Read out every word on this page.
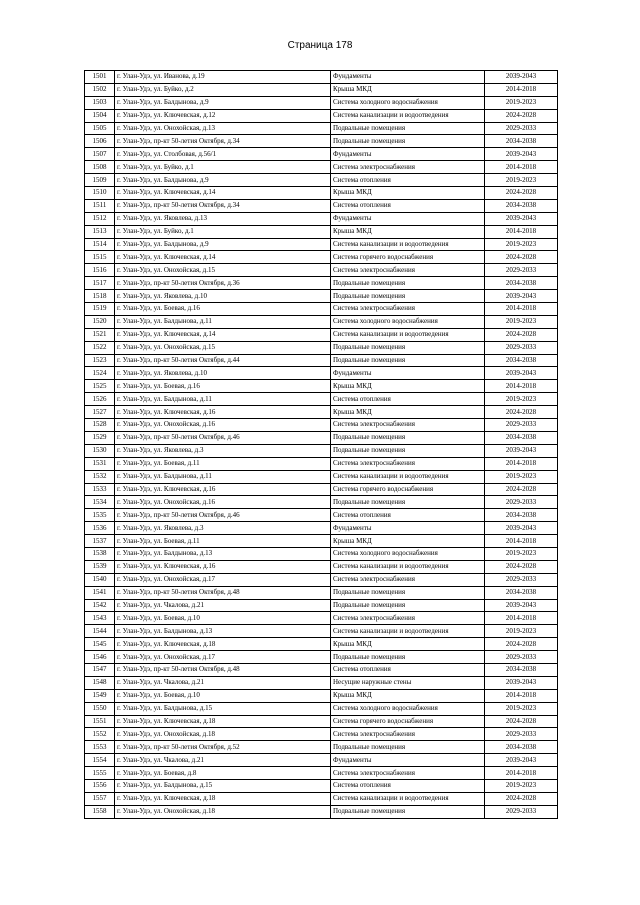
Страница 178
1501	г. Улан-Удэ, ул. Иванова, д.19	Фундаменты	2039-2043
1502	г. Улан-Удэ, ул. Буйко, д.2	Крыша МКД	2014-2018
1503	г. Улан-Удэ, ул. Балдынова, д.9	Система холодного водоснабжения	2019-2023
1504	г. Улан-Удэ, ул. Ключевская, д.12	Система канализации и водоотведения	2024-2028
1505	г. Улан-Удэ, ул. Онохойская, д.13	Подвальные помещения	2029-2033
1506	г. Улан-Удэ, пр-кт 50-летия Октября, д.34	Подвальные помещения	2034-2038
1507	г. Улан-Удэ, ул. Столбовая, д.56/1	Фундаменты	2039-2043
1508	г. Улан-Удэ, ул. Буйко, д.1	Система электроснабжения	2014-2018
1509	г. Улан-Удэ, ул. Балдынова, д.9	Система отопления	2019-2023
1510	г. Улан-Удэ, ул. Ключевская, д.14	Крыша МКД	2024-2028
1511	г. Улан-Удэ, пр-кт 50-летия Октября, д.34	Система отопления	2034-2038
1512	г. Улан-Удэ, ул. Яковлева, д.13	Фундаменты	2039-2043
1513	г. Улан-Удэ, ул. Буйко, д.1	Крыша МКД	2014-2018
1514	г. Улан-Удэ, ул. Балдынова, д.9	Система канализации и водоотведения	2019-2023
1515	г. Улан-Удэ, ул. Ключевская, д.14	Система горячего водоснабжения	2024-2028
1516	г. Улан-Удэ, ул. Онохойская, д.15	Система электроснабжения	2029-2033
1517	г. Улан-Удэ, пр-кт 50-летия Октября, д.36	Подвальные помещения	2034-2038
1518	г. Улан-Удэ, ул. Яковлева, д.10	Подвальные помещения	2039-2043
1519	г. Улан-Удэ, ул. Боевая, д.16	Система электроснабжения	2014-2018
1520	г. Улан-Удэ, ул. Балдынова, д.11	Система холодного водоснабжения	2019-2023
1521	г. Улан-Удэ, ул. Ключевская, д.14	Система канализации и водоотведения	2024-2028
1522	г. Улан-Удэ, ул. Онохойская, д.15	Подвальные помещения	2029-2033
1523	г. Улан-Удэ, пр-кт 50-летия Октября, д.44	Подвальные помещения	2034-2038
1524	г. Улан-Удэ, ул. Яковлева, д.10	Фундаменты	2039-2043
1525	г. Улан-Удэ, ул. Боевая, д.16	Крыша МКД	2014-2018
1526	г. Улан-Удэ, ул. Балдынова, д.11	Система отопления	2019-2023
1527	г. Улан-Удэ, ул. Ключевская, д.16	Крыша МКД	2024-2028
1528	г. Улан-Удэ, ул. Онохойская, д.16	Система электроснабжения	2029-2033
1529	г. Улан-Удэ, пр-кт 50-летия Октября, д.46	Подвальные помещения	2034-2038
1530	г. Улан-Удэ, ул. Яковлева, д.3	Подвальные помещения	2039-2043
1531	г. Улан-Удэ, ул. Боевая, д.11	Система электроснабжения	2014-2018
1532	г. Улан-Удэ, ул. Балдынова, д.11	Система канализации и водоотведения	2019-2023
1533	г. Улан-Удэ, ул. Ключевская, д.16	Система горячего водоснабжения	2024-2028
1534	г. Улан-Удэ, ул. Онохойская, д.16	Подвальные помещения	2029-2033
1535	г. Улан-Удэ, пр-кт 50-летия Октября, д.46	Система отопления	2034-2038
1536	г. Улан-Удэ, ул. Яковлева, д.3	Фундаменты	2039-2043
1537	г. Улан-Удэ, ул. Боевая, д.11	Крыша МКД	2014-2018
1538	г. Улан-Удэ, ул. Балдынова, д.13	Система холодного водоснабжения	2019-2023
1539	г. Улан-Удэ, ул. Ключевская, д.16	Система канализации и водоотведения	2024-2028
1540	г. Улан-Удэ, ул. Онохойская, д.17	Система электроснабжения	2029-2033
1541	г. Улан-Удэ, пр-кт 50-летия Октября, д.48	Подвальные помещения	2034-2038
1542	г. Улан-Удэ, ул. Чкалова, д.21	Подвальные помещения	2039-2043
1543	г. Улан-Удэ, ул. Боевая, д.10	Система электроснабжения	2014-2018
1544	г. Улан-Удэ, ул. Балдынова, д.13	Система канализации и водоотведения	2019-2023
1545	г. Улан-Удэ, ул. Ключевская, д.18	Крыша МКД	2024-2028
1546	г. Улан-Удэ, ул. Онохойская, д.17	Подвальные помещения	2029-2033
1547	г. Улан-Удэ, пр-кт 50-летия Октября, д.48	Система отопления	2034-2038
1548	г. Улан-Удэ, ул. Чкалова, д.21	Несущие наружные стены	2039-2043
1549	г. Улан-Удэ, ул. Боевая, д.10	Крыша МКД	2014-2018
1550	г. Улан-Удэ, ул. Балдынова, д.15	Система холодного водоснабжения	2019-2023
1551	г. Улан-Удэ, ул. Ключевская, д.18	Система горячего водоснабжения	2024-2028
1552	г. Улан-Удэ, ул. Онохойская, д.18	Система электроснабжения	2029-2033
1553	г. Улан-Удэ, пр-кт 50-летия Октября, д.52	Подвальные помещения	2034-2038
1554	г. Улан-Удэ, ул. Чкалова, д.21	Фундаменты	2039-2043
1555	г. Улан-Удэ, ул. Боевая, д.8	Система электроснабжения	2014-2018
1556	г. Улан-Удэ, ул. Балдынова, д.15	Система отопления	2019-2023
1557	г. Улан-Удэ, ул. Ключевская, д.18	Система канализации и водоотведения	2024-2028
1558	г. Улан-Удэ, ул. Онохойская, д.18	Подвальные помещения	2029-2033
